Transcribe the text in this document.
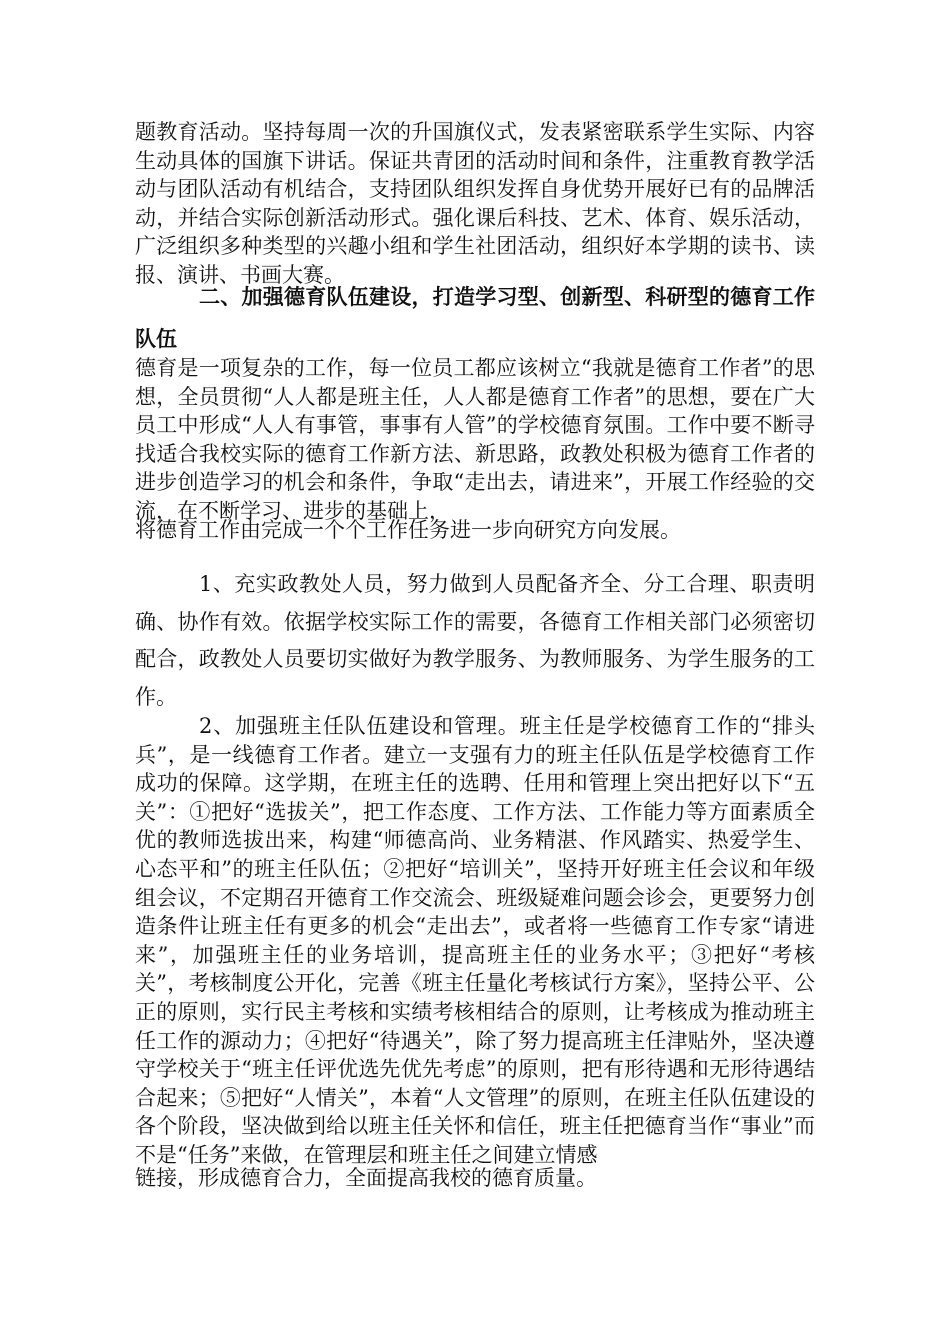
题教育活动。坚持每周一次的升国旗仪式，发表紧密联系学生实际、内容生动具体的国旗下讲话。保证共青团的活动时间和条件，注重教育教学活动与团队活动有机结合，支持团队组织发挥自身优势开展好已有的品牌活动，并结合实际创新活动形式。强化课后科技、艺术、体育、娱乐活动，广泛组织多种类型的兴趣小组和学生社团活动，组织好本学期的读书、读报、演讲、书画大赛。

二、加强德育队伍建设，打造学习型、创新型、科研型的德育工作队伍

德育是一项复杂的工作，每一位员工都应该树立“我就是德育工作者”的思想，全员贯彻“人人都是班主任，人人都是德育工作者”的思想，要在广大员工中形成“人人有事管，事事有人管”的学校德育氛围。工作中要不断寻找适合我校实际的德育工作新方法、新思路，政教处积极为德育工作者的进步创造学习的机会和条件，争取“走出去，请进来”，开展工作经验的交流，在不断学习、进步的基础上，

将德育工作由完成一个个工作任务进一步向研究方向发展。

1、充实政教处人员，努力做到人员配备齐全、分工合理、职责明确、协作有效。依据学校实际工作的需要，各德育工作相关部门必须密切配合，政教处人员要切实做好为教学服务、为教师服务、为学生服务的工作。

2、加强班主任队伍建设和管理。班主任是学校德育工作的“排头兵”，是一线德育工作者。建立一支强有力的班主任队伍是学校德育工作成功的保障。这学期，在班主任的选聘、任用和管理上突出把好以下“五关”：①把好“选拔关”，把工作态度、工作方法、工作能力等方面素质全优的教师选拔出来，构建“师德高尚、业务精湛、作风踏实、热爱学生、心态平和”的班主任队伍；②把好“培训关”，坚持开好班主任会议和年级组会议，不定期召开德育工作交流会、班级疑难问题会诊会，更要努力创造条件让班主任有更多的机会“走出去”，或者将一些德育工作专家“请进来”，加强班主任的业务培训，提高班主任的业务水平；③把好“考核关”，考核制度公开化，完善《班主任量化考核试行方案》，坚持公平、公正的原则，实行民主考核和实绩考核相结合的原则，让考核成为推动班主任工作的源动力；④把好“待遇关”，除了努力提高班主任津贴外，坚决遵守学校关于“班主任评优选先优先考虑”的原则，把有形待遇和无形待遇结合起来；⑤把好“人情关”，本着“人文管理”的原则，在班主任队伍建设的各个阶段，坚决做到给以班主任关怀和信任，班主任把德育当作“事业”而不是“任务”来做，在管理层和班主任之间建立情感

链接，形成德育合力，全面提高我校的德育质量。
